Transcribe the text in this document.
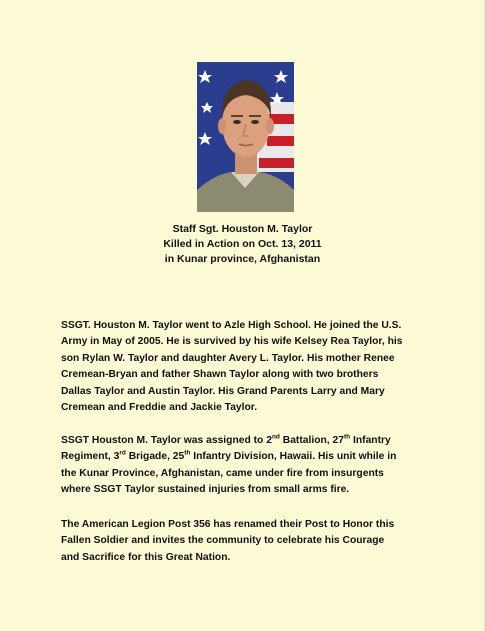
Staff Sgt. Houston M. Taylor
Killed in Action on Oct. 13, 2011
in Kunar province, Afghanistan
SSGT. Houston M. Taylor went to Azle High School. He joined the U.S.
Army in May of 2005. He is survived by his wife Kelsey Rea Taylor, his
son Rylan W. Taylor and daughter Avery L. Taylor. His mother Renee
Cremean-Bryan and father Shawn Taylor along with two brothers
Dallas Taylor and Austin Taylor. His Grand Parents Larry and Mary
Cremean and Freddie and Jackie Taylor.
SSGT Houston M. Taylor was assigned to 2nd Battalion, 27th Infantry
Regiment, 3rd Brigade, 25th Infantry Division, Hawaii. His unit while in
the Kunar Province, Afghanistan, came under fire from insurgents
where SSGT Taylor sustained injuries from small arms fire.
The American Legion Post 356 has renamed their Post to Honor this
Fallen Soldier and invites the community to celebrate his Courage
and Sacrifice for this Great Nation.
